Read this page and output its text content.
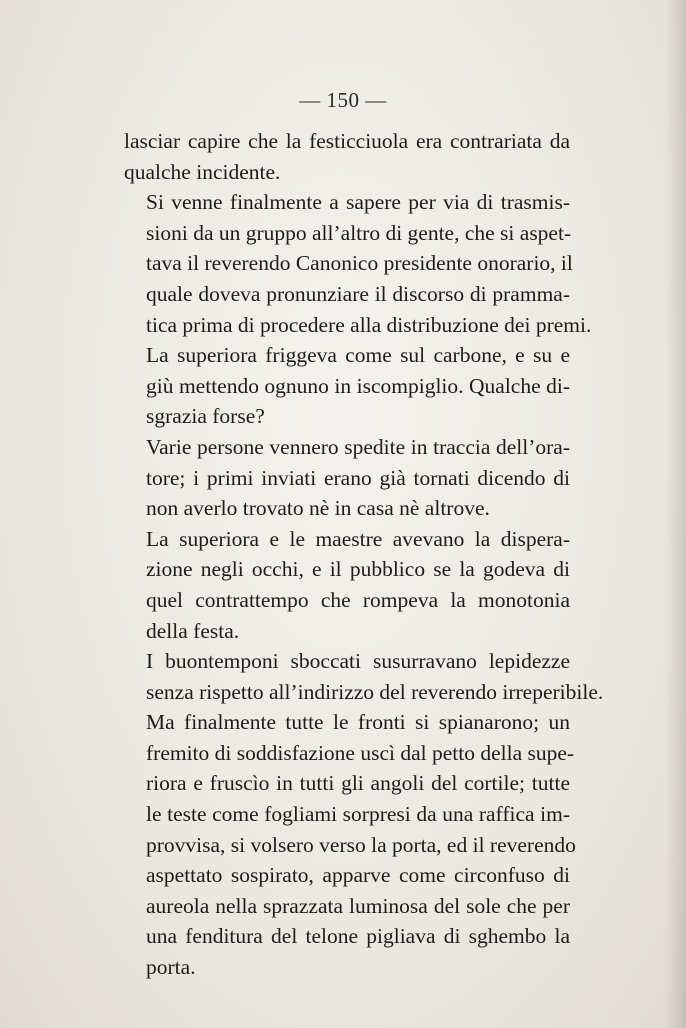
— 150 —
lasciar capire che la festicciuola era contrariata da
qualche incidente.
Si venne finalmente a sapere per via di trasmis-
sioni da un gruppo all’altro di gente, che si aspet-
tava il reverendo Canonico presidente onorario, il
quale doveva pronunziare il discorso di pramma-
tica prima di procedere alla distribuzione dei premi.
La superiora friggeva come sul carbone, e su e
giù mettendo ognuno in iscompiglio. Qualche di-
sgrazia forse?
Varie persone vennero spedite in traccia dell’ora-
tore; i primi inviati erano già tornati dicendo di
non averlo trovato nè in casa nè altrove.
La superiora e le maestre avevano la dispera-
zione negli occhi, e il pubblico se la godeva di
quel contrattempo che rompeva la monotonia
della festa.
I buontemponi sboccati susurravano lepidezze
senza rispetto all’indirizzo del reverendo irreperibile.
Ma finalmente tutte le fronti si spianarono; un
fremito di soddisfazione uscì dal petto della supe-
riora e fruscìo in tutti gli angoli del cortile; tutte
le teste come fogliami sorpresi da una raffica im-
provvisa, si volsero verso la porta, ed il reverendo
aspettato sospirato, apparve come circonfuso di
aureola nella sprazzata luminosa del sole che per
una fenditura del telone pigliava di sghembo la
porta.
